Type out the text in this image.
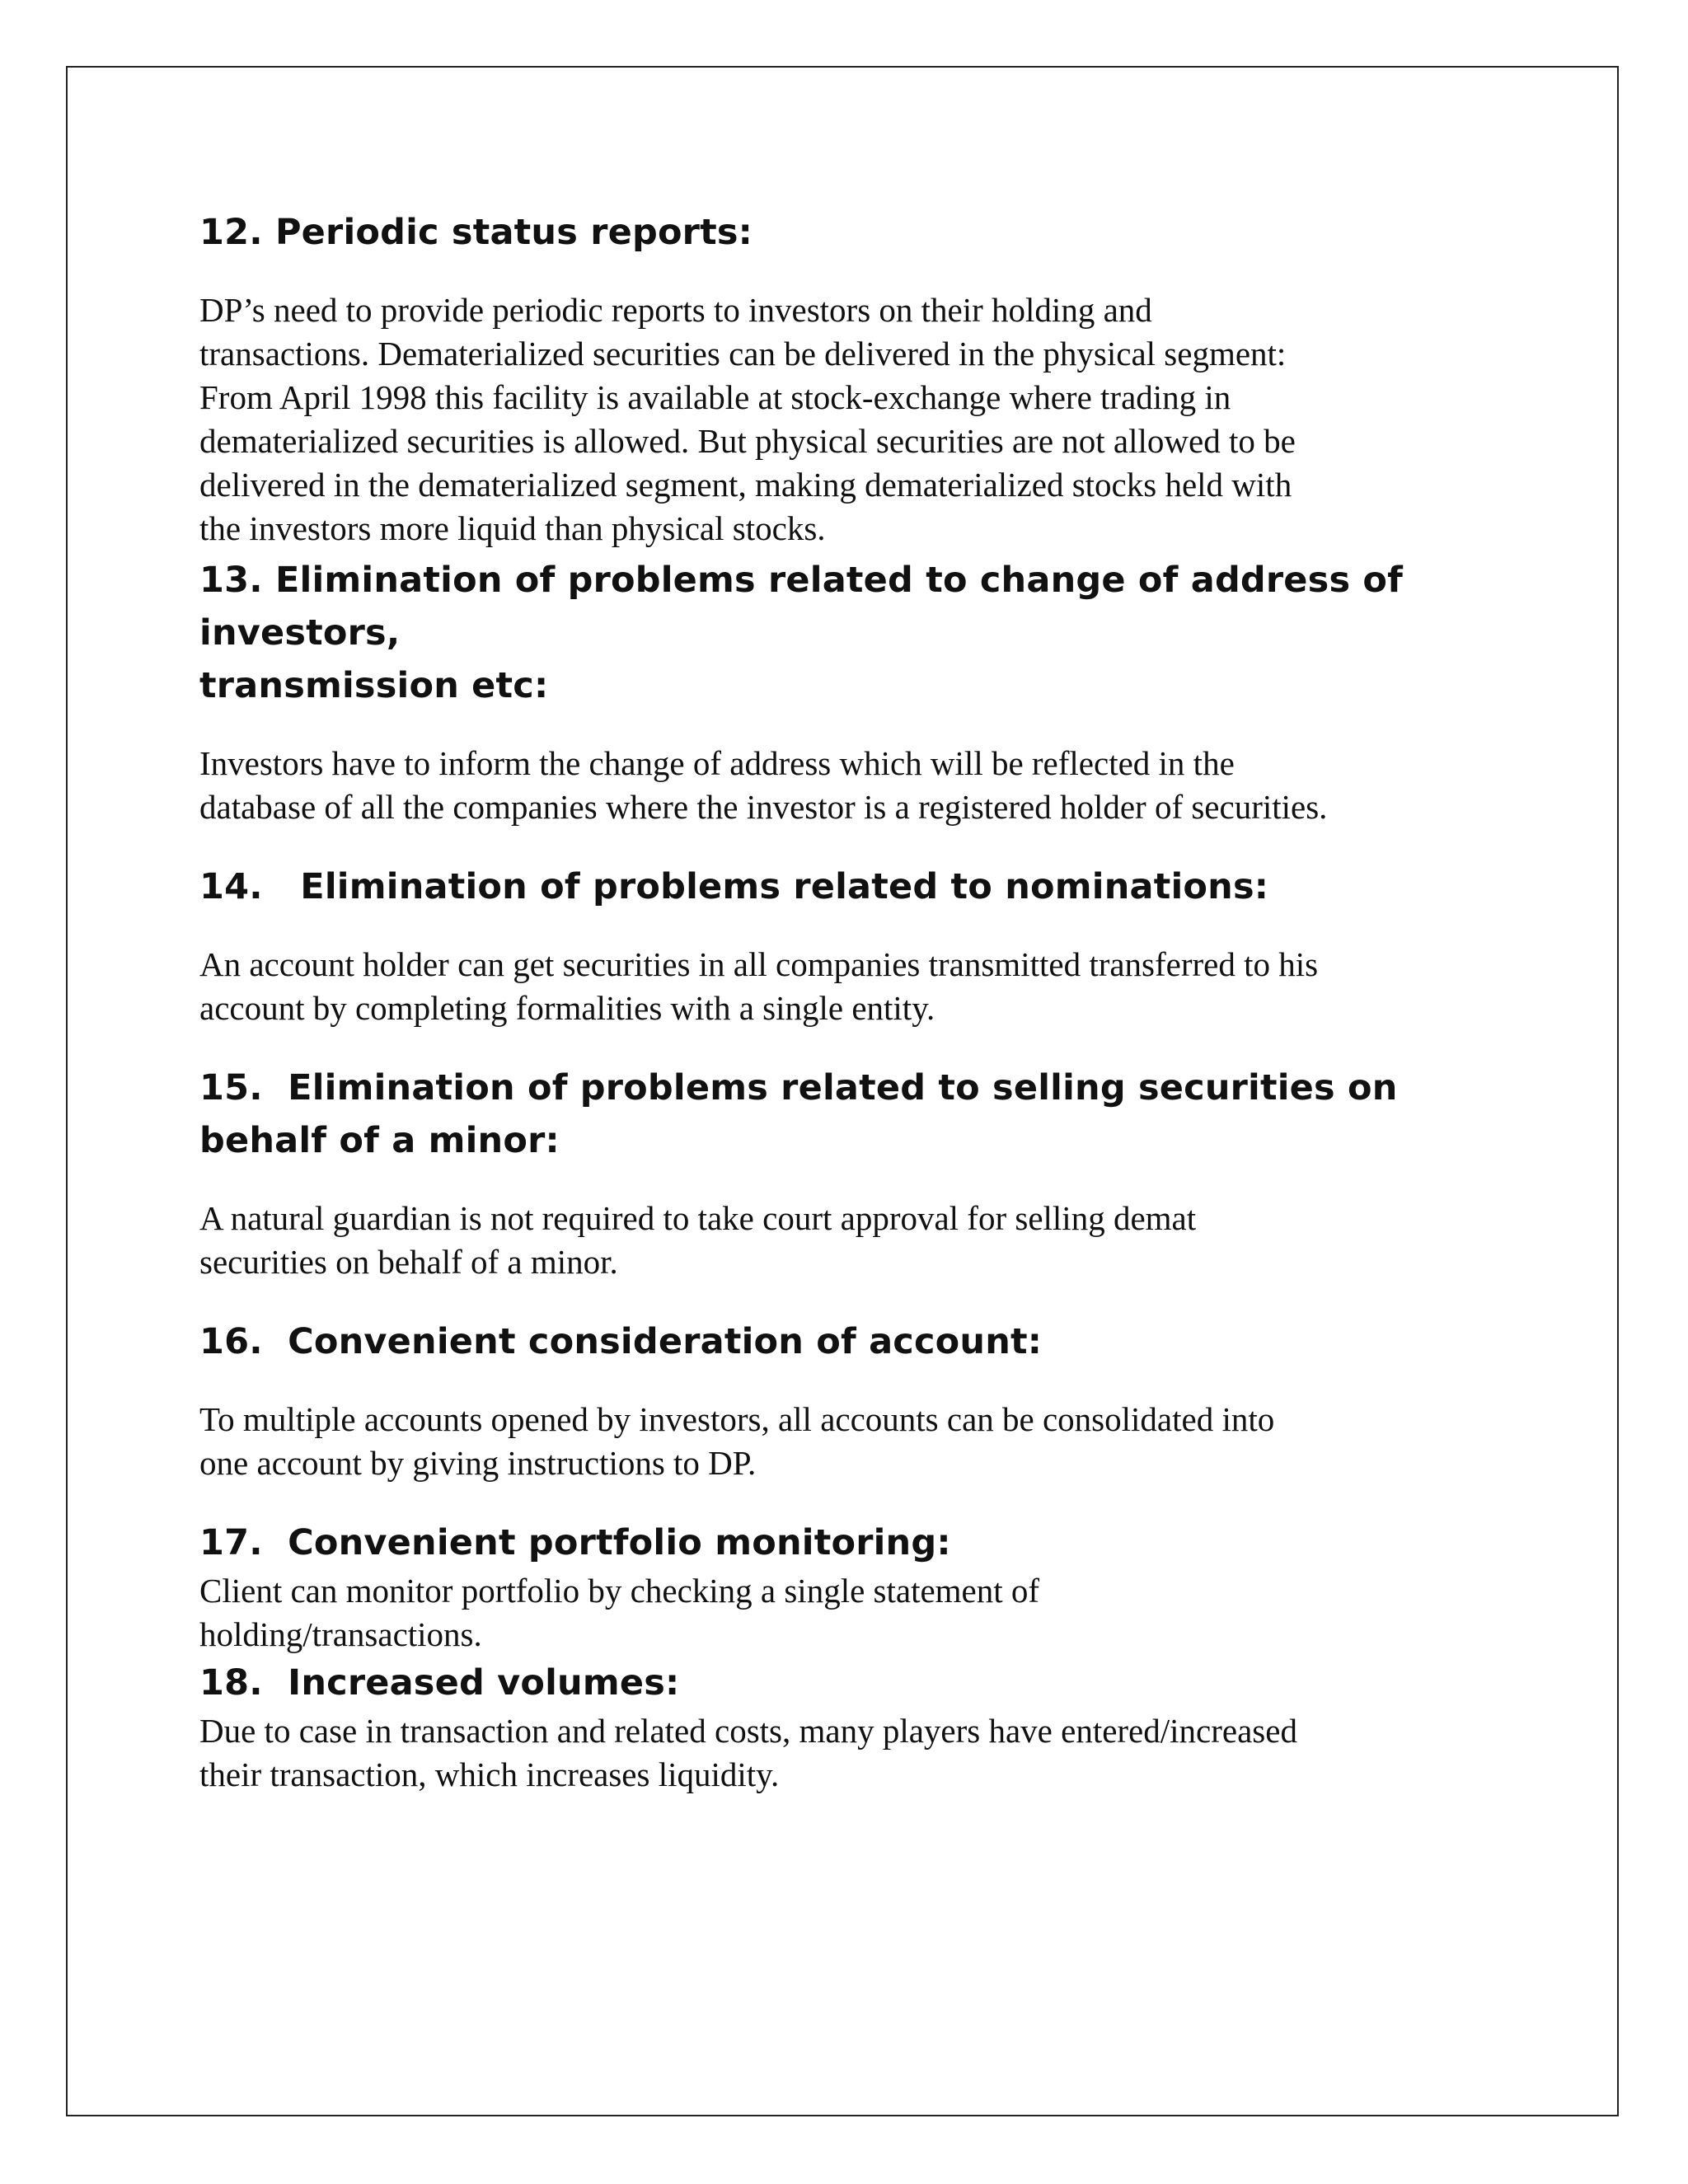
12. Periodic status reports:

DP’s need to provide periodic reports to investors on their holding and

transactions. Dematerialized securities can be delivered in the physical segment:

From April 1998 this facility is available at stock-exchange where trading in

dematerialized securities is allowed. But physical securities are not allowed to be

delivered in the dematerialized segment, making dematerialized stocks held with

the investors more liquid than physical stocks.

13. Elimination of problems related to change of address of

investors,

transmission etc:

Investors have to inform the change of address which will be reflected in the

database of all the companies where the investor is a registered holder of securities.

14. Elimination of problems related to nominations:

An account holder can get securities in all companies transmitted transferred to his

account by completing formalities with a single entity.

15. Elimination of problems related to selling securities on

behalf of a minor:

A natural guardian is not required to take court approval for selling demat

securities on behalf of a minor.

16. Convenient consideration of account:

To multiple accounts opened by investors, all accounts can be consolidated into

one account by giving instructions to DP.

17. Convenient portfolio monitoring:

Client can monitor portfolio by checking a single statement of

holding/transactions.

18. Increased volumes:

Due to case in transaction and related costs, many players have entered/increased

their transaction, which increases liquidity.
